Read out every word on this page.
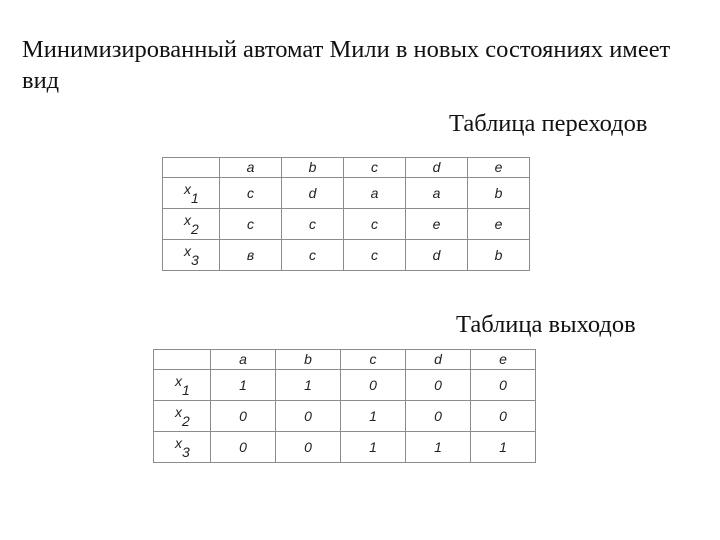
Минимизированный автомат Мили в новых состояниях имеет вид

Таблица переходов
	a	b	c	d	e
$x_1$	c	d	a	a	b
$x_2$	c	c	c	e	e
$x_3$	в	c	c	d	b
Таблица выходов
	a	b	c	d	e
$x_1$	1	1	0	0	0
$x_2$	0	0	1	0	0
$x_3$	0	0	1	1	1
